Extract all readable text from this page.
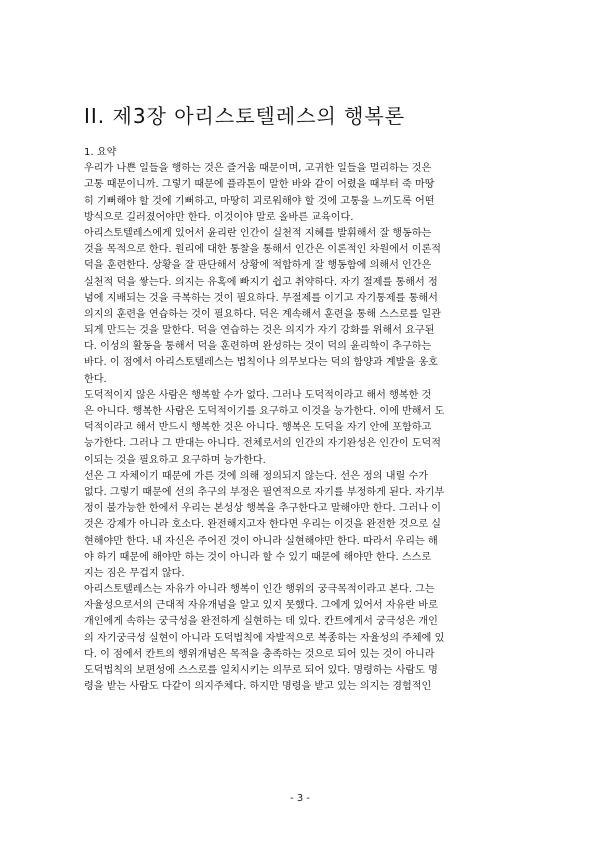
II. 제3장 아리스토텔레스의 행복론
1. 요약
우리가 나쁜 일들을 행하는 것은 즐거움 때문이며, 고귀한 일들을 멀리하는 것은
고통 때문이니까. 그렇기 때문에 플라톤이 말한 바와 같이 어렸을 때부터 죽 마땅
히 기뻐해야 할 것에 기뻐하고, 마땅히 괴로워해야 할 것에 고통을 느끼도록 어떤
방식으로 길러졌어야만 한다. 이것이야 말로 올바른 교육이다.
아리스토텔레스에게 있어서 윤리란 인간이 실천적 지혜를 발휘해서 잘 행동하는
것을 목적으로 한다. 원리에 대한 통찰을 통해서 인간은 이론적인 차원에서 이론적
덕을 훈련한다. 상황을 잘 판단해서 상황에 적합하게 잘 행동함에 의해서 인간은
실천적 덕을 쌓는다. 의지는 유혹에 빠지기 쉽고 취약하다. 자기 절제를 통해서 정
념에 지배되는 것을 극복하는 것이 필요하다. 무절제를 이기고 자기통제를 통해서
의지의 훈련을 연습하는 것이 필요하다. 덕은 계속해서 훈련을 통해 스스로를 일관
되게 만드는 것을 말한다. 덕을 연습하는 것은 의지가 자기 강화를 위해서 요구된
다. 이성의 활동을 통해서 덕을 훈련하며 완성하는 것이 덕의 윤리학이 추구하는
바다. 이 점에서 아리스토텔레스는 법칙이나 의무보다는 덕의 함양과 계발을 옹호
한다.
도덕적이지 않은 사람은 행복할 수가 없다. 그러나 도덕적이라고 해서 행복한 것
은 아니다. 행복한 사람은 도덕적이기를 요구하고 이것을 능가한다. 이에 반해서 도
덕적이라고 해서 반드시 행복한 것은 아니다. 행복은 도덕을 자기 안에 포함하고
능가한다. 그러나 그 반대는 아니다. 전체로서의 인간의 자기완성은 인간이 도덕적
이되는 것을 필요하고 요구하며 능가한다.
선은 그 자체이기 때문에 가른 것에 의해 정의되지 않는다. 선은 정의 내릴 수가
없다. 그렇기 때문에 선의 추구의 부정은 필연적으로 자기를 부정하게 된다. 자기부
정이 불가능한 한에서 우리는 본성상 행복을 추구한다고 말해야만 한다. 그러나 이
것은 강제가 아니라 호소다. 완전해지고자 한다면 우리는 이것을 완전한 것으로 실
현해야만 한다. 내 자신은 주어진 것이 아니라 실현해야만 한다. 따라서 우리는 해
야 하기 때문에 해야만 하는 것이 아니라 할 수 있기 때문에 해야만 한다. 스스로
지는 짐은 무겁지 않다.
아리스토텔레스는 자유가 아니라 행복이 인간 행위의 궁극목적이라고 본다. 그는
자율성으로서의 근대적 자유개념을 알고 있지 못했다. 그에게 있어서 자유란 바로
개인에게 속하는 궁극성을 완전하게 실현하는 데 있다. 칸트에게서 궁극성은 개인
의 자기궁극성 실현이 아니라 도덕법칙에 자발적으로 복종하는 자율성의 주체에 있
다. 이 점에서 칸트의 행위개념은 목적을 충족하는 것으로 되어 있는 것이 아니라
도덕법칙의 보편성에 스스로를 일치시키는 의무로 되어 있다. 명령하는 사람도 명
령을 받는 사람도 다같이 의지주체다. 하지만 명령을 받고 있는 의지는 경험적인
- 3 -
